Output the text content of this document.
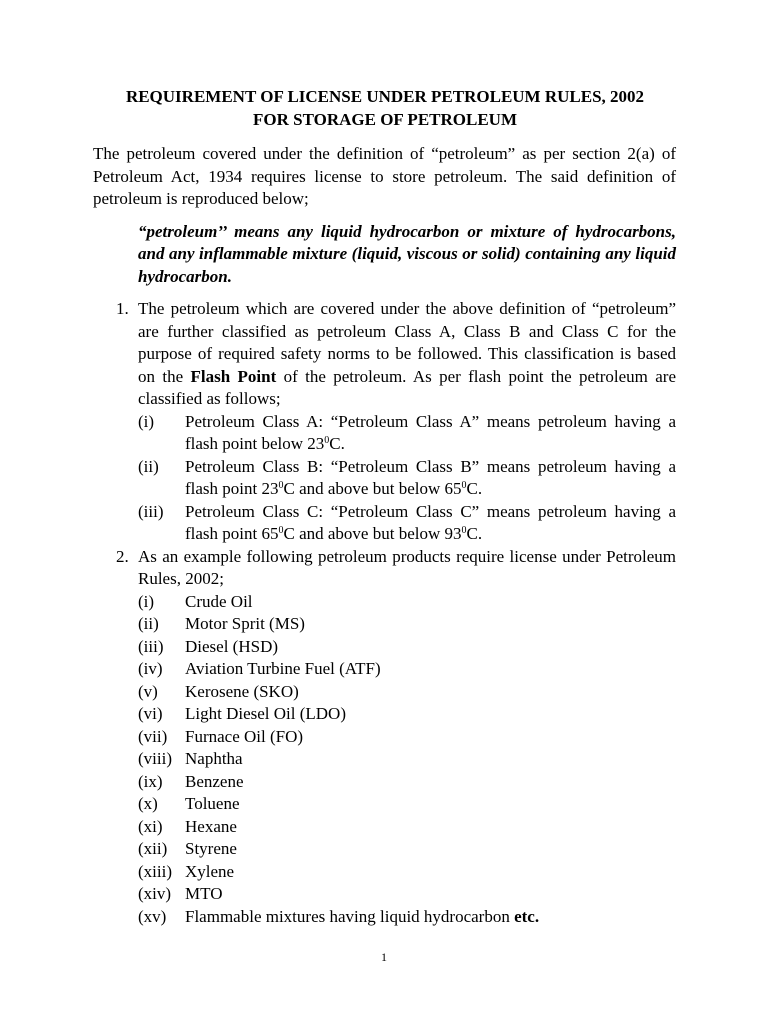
REQUIREMENT OF LICENSE UNDER PETROLEUM RULES, 2002

FOR STORAGE OF PETROLEUM

The petroleum covered under the definition of “petroleum” as per section 2(a) of Petroleum Act, 1934 requires license to store petroleum. The said definition of petroleum is reproduced below;

“petroleum’’ means any liquid hydrocarbon or mixture of hydrocarbons, and any inflammable mixture (liquid, viscous or solid) containing any liquid hydrocarbon.

1. The petroleum which are covered under the above definition of “petroleum” are further classified as petroleum Class A, Class B and Class C for the purpose of required safety norms to be followed. This classification is based on the Flash Point of the petroleum. As per flash point the petroleum are classified as follows;
(i) Petroleum Class A: “Petroleum Class A” means petroleum having a flash point below $23^0C$.
(ii) Petroleum Class B: “Petroleum Class B” means petroleum having a flash point $23^0C$ and above but below $65^0C$.
(iii) Petroleum Class C: “Petroleum Class C” means petroleum having a flash point $65^0C$ and above but below $93^0C$.
2. As an example following petroleum products require license under Petroleum Rules, 2002;
(i) Crude Oil
(ii) Motor Sprit (MS)
(iii) Diesel (HSD)
(iv) Aviation Turbine Fuel (ATF)
(v) Kerosene (SKO)
(vi) Light Diesel Oil (LDO)
(vii) Furnace Oil (FO)
(viii) Naphtha
(ix) Benzene
(x) Toluene
(xi) Hexane
(xii) Styrene
(xiii) Xylene
(xiv) MTO
(xv) Flammable mixtures having liquid hydrocarbon etc.
1
